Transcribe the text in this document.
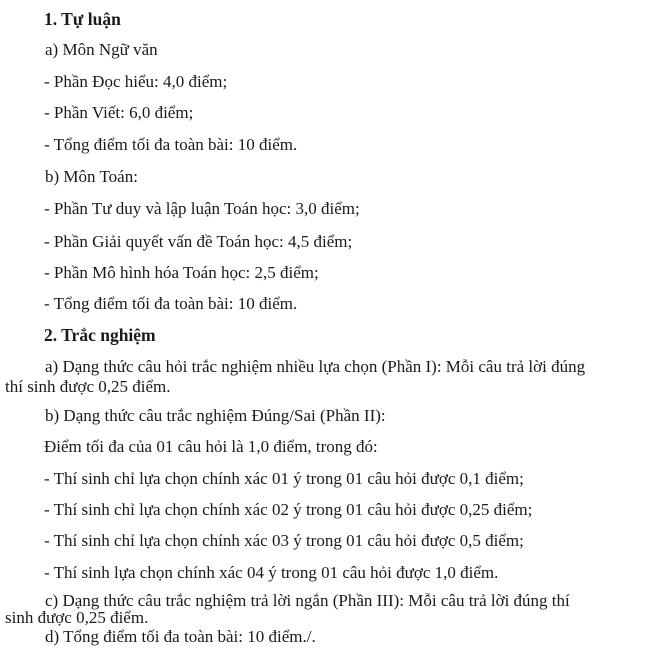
1. Tự luận
a) Môn Ngữ văn
- Phần Đọc hiểu: 4,0 điểm;
- Phần Viết: 6,0 điểm;
- Tổng điểm tối đa toàn bài: 10 điểm.
b) Môn Toán:
- Phần Tư duy và lập luận Toán học: 3,0 điểm;
- Phần Giải quyết vấn đề Toán học: 4,5 điểm;
- Phần Mô hình hóa Toán học: 2,5 điểm;
- Tổng điểm tối đa toàn bài: 10 điểm.
2. Trắc nghiệm
a) Dạng thức câu hỏi trắc nghiệm nhiều lựa chọn (Phần I): Mỗi câu trả lời đúng
thí sinh được 0,25 điểm.
b) Dạng thức câu trắc nghiệm Đúng/Sai (Phần II):
Điểm tối đa của 01 câu hỏi là 1,0 điểm, trong đó:
- Thí sinh chỉ lựa chọn chính xác 01 ý trong 01 câu hỏi được 0,1 điểm;
- Thí sinh chỉ lựa chọn chính xác 02 ý trong 01 câu hỏi được 0,25 điểm;
- Thí sinh chỉ lựa chọn chính xác 03 ý trong 01 câu hỏi được 0,5 điểm;
- Thí sinh lựa chọn chính xác 04 ý trong 01 câu hỏi được 1,0 điểm.
c) Dạng thức câu trắc nghiệm trả lời ngắn (Phần III): Mỗi câu trả lời đúng thí
sinh được 0,25 điểm.
d) Tổng điểm tối đa toàn bài: 10 điểm./.
